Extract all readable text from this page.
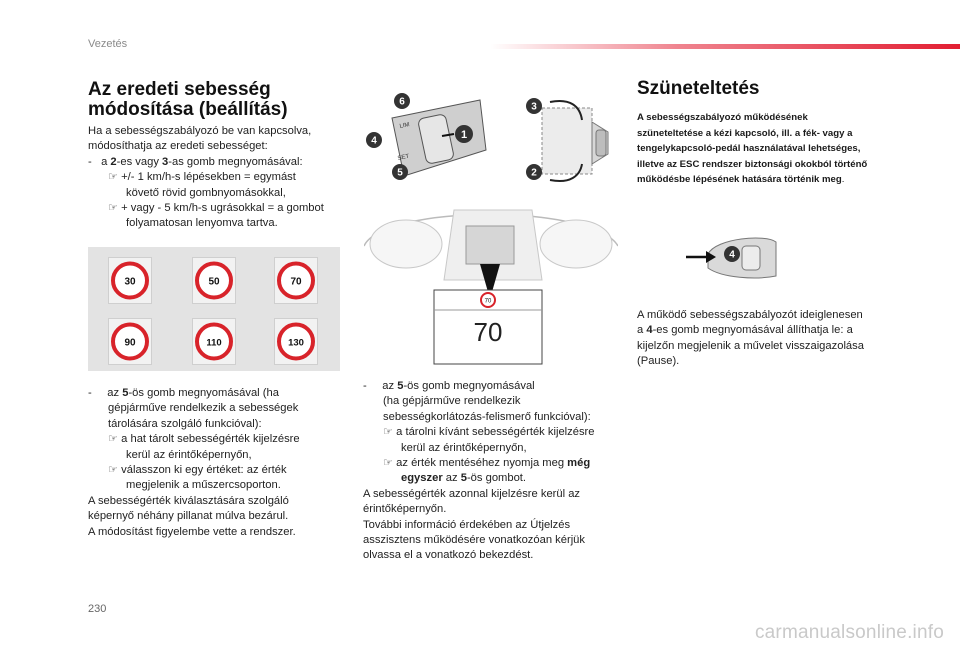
Vezetés
Az eredeti sebesség
módosítása (beállítás)

Ha a sebességszabályozó be van kapcsolva,

módosíthatja az eredeti sebességet:

-   a 2-es vagy 3-as gomb megnyomásával:

☞ +/- 1 km/h-s lépésekben = egymást

követő rövid gombnyomásokkal,

☞ + vagy - 5 km/h-s ugrásokkal = a gombot

folyamatosan lenyomva tartva.

30	50	70
90	110	130

-     az 5-ös gomb megnyomásával (ha

gépjárműve rendelkezik a sebességek

tárolására szolgáló funkcióval):

☞ a hat tárolt sebességérték kijelzésre

kerül az érintőképernyőn,

☞ válasszon ki egy értéket: az érték

megjelenik a műszercsoporton.

A sebességérték kiválasztására szolgáló

képernyő néhány pillanat múlva bezárul.

A módosítást figyelembe vette a rendszer.

LIM
SET
6
4
5
1
3
2
70
70

-     az 5-ös gomb megnyomásával

(ha gépjárműve rendelkezik

sebességkorlátozás-felismerő funkcióval):

☞ a tárolni kívánt sebességérték kijelzésre

kerül az érintőképernyőn,

☞ az érték mentéséhez nyomja meg még

egyszer az 5-ös gombot.

A sebességérték azonnal kijelzésre kerül az

érintőképernyőn.

További információ érdekében az Útjelzés

asszisztens működésére vonatkozóan kérjük

olvassa el a vonatkozó bekezdést.

Szüneteltetés
A sebességszabályozó működésének
szüneteltetése a kézi kapcsoló, ill. a fék- vagy a
tengelykapcsoló-pedál használatával lehetséges,
illetve az ESC rendszer biztonsági okokból történő
működésbe lépésének hatására történik meg.
4

A működő sebességszabályozót ideiglenesen

a 4-es gomb megnyomásával állíthatja le: a

kijelzőn megjelenik a művelet visszaigazolása

(Pause).

230
carmanualsonline.info
